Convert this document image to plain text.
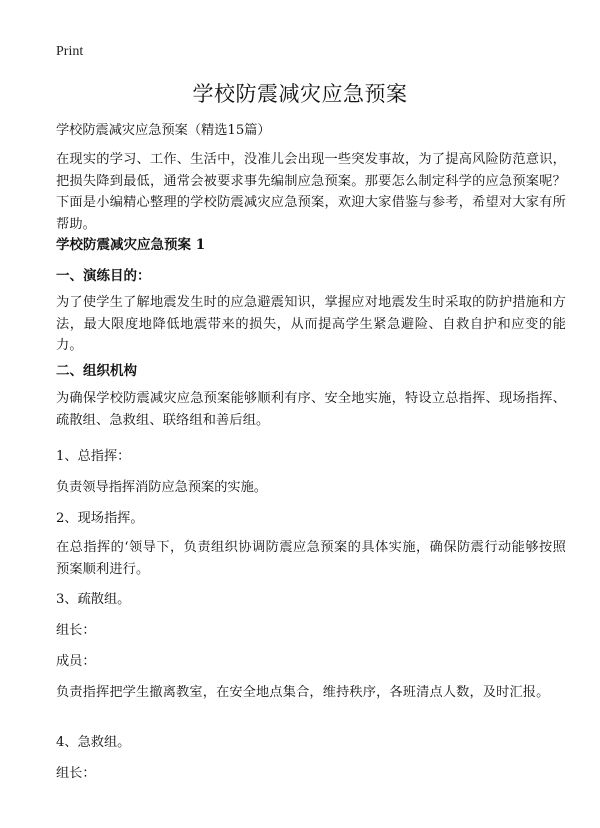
Print
学校防震减灾应急预案
学校防震减灾应急预案（精选15篇）
在现实的学习、工作、生活中，没准儿会出现一些突发事故，为了提高风险防范意识，把损失降到最低，通常会被要求事先编制应急预案。那要怎么制定科学的应急预案呢？下面是小编精心整理的学校防震减灾应急预案，欢迎大家借鉴与参考，希望对大家有所帮助。
学校防震减灾应急预案 1
一、演练目的：
为了使学生了解地震发生时的应急避震知识，掌握应对地震发生时采取的防护措施和方法，最大限度地降低地震带来的损失，从而提高学生紧急避险、自救自护和应变的能力。
二、组织机构
为确保学校防震减灾应急预案能够顺利有序、安全地实施，特设立总指挥、现场指挥、疏散组、急救组、联络组和善后组。
1、总指挥：
负责领导指挥消防应急预案的实施。
2、现场指挥。
在总指挥的‘领导下，负责组织协调防震应急预案的具体实施，确保防震行动能够按照预案顺利进行。
3、疏散组。
组长：
成员：
负责指挥把学生撤离教室，在安全地点集合，维持秩序，各班清点人数，及时汇报。
4、急救组。
组长：
